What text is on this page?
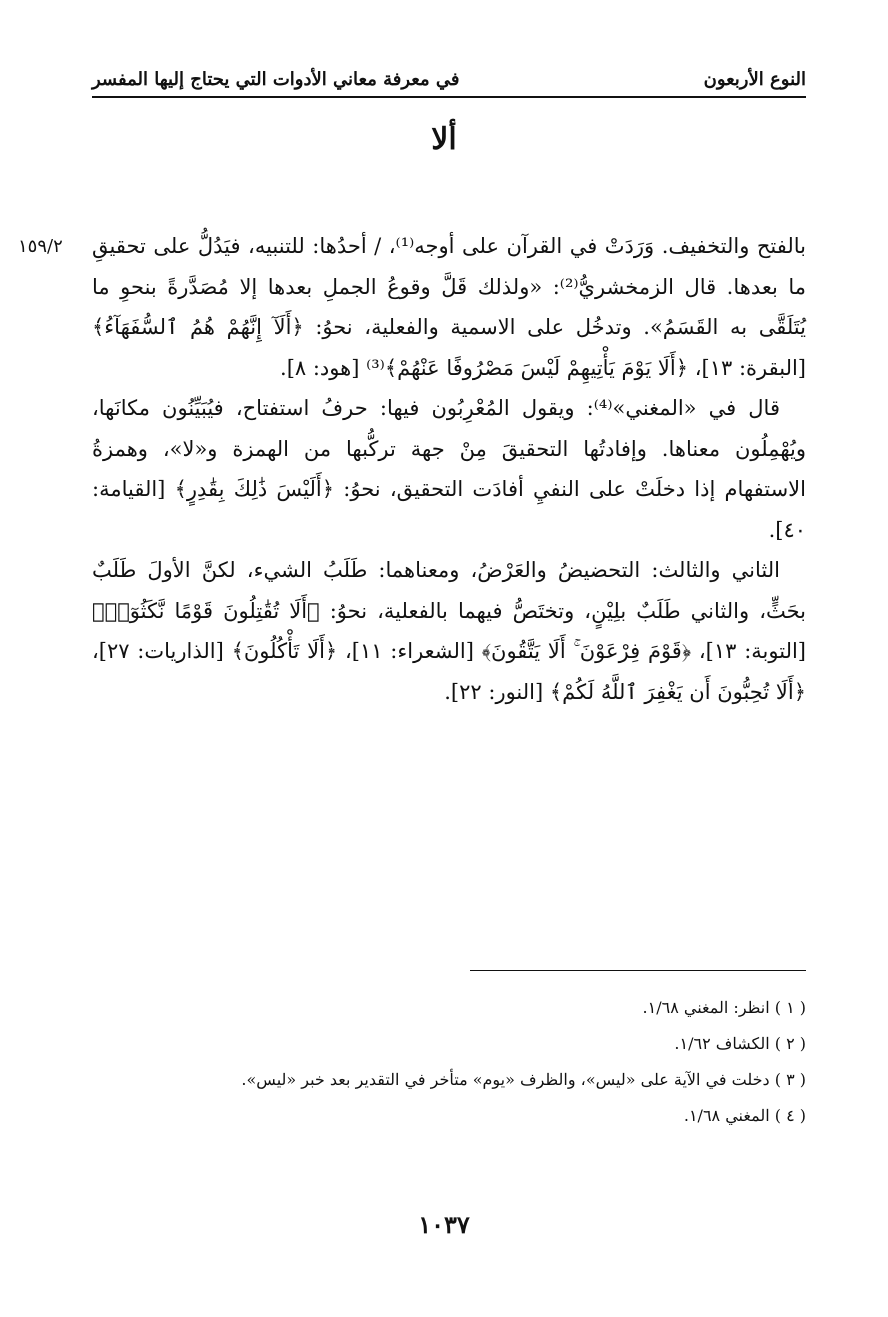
النوع الأربعون
في معرفة معاني الأدوات التي يحتاج إليها المفسر
ألا
١٥٩/٢ بالفتح والتخفيف. وَرَدَتْ في القرآن على أوجه⁽¹⁾، / أحدُها: للتنبيه، فيَدُلُّ على تحقيقِ ما بعدها. قال الزمخشريُّ⁽²⁾: «ولذلك قَلَّ وقوعُ الجملِ بعدها إلا مُصَدَّرةً بنحوِ ما يُتَلَقَّى به القَسَمُ». وتدخُل على الاسمية والفعلية، نحوُ: ﴿أَلَآ إِنَّهُمْ هُمُ ٱلسُّفَهَآءُ﴾ [البقرة: ١٣]، ﴿أَلَا يَوْمَ يَأْتِيهِمْ لَيْسَ مَصْرُوفًا عَنْهُمْ﴾⁽³⁾ [هود: ٨].

قال في «المغني»⁽⁴⁾: ويقول المُعْرِبُون فيها: حرفُ استفتاح، فيُبَيِّنُون مكانَها، ويُهْمِلُون معناها. وإفادتُها التحقيقَ مِنْ جهة تركُّبها من الهمزة و«لا»، وهمزةُ الاستفهام إذا دخلَتْ على النفيِ أفادَت التحقيق، نحوُ: ﴿أَلَيْسَ ذَٰلِكَ بِقَٰدِرٍ﴾ [القيامة: ٤٠].

الثاني والثالث: التحضيضُ والعَرْضُ، ومعناهما: طَلَبُ الشيء، لكنَّ الأولَ طَلَبٌ بحَثٍّ، والثاني طَلَبٌ بلِيْنٍ، وتختَصُّ فيهما بالفعلية، نحوُ: ﴿أَلَا تُقَٰتِلُونَ قَوْمًا نَّكَثُوٓا۟﴾ [التوبة: ١٣]، ﴿قَوْمَ فِرْعَوْنَ ۚ أَلَا يَتَّقُونَ﴾ [الشعراء: ١١]، ﴿أَلَا تَأْكُلُونَ﴾ [الذاريات: ٢٧]، ﴿أَلَا تُحِبُّونَ أَن يَغْفِرَ ٱللَّهُ لَكُمْ﴾ [النور: ٢٢].

( ١ ) انظر: المغني ١/٦٨.
( ٢ ) الكشاف ١/٦٢.
( ٣ ) دخلت في الآية على «ليس»، والظرف «يوم» متأخر في التقدير بعد خبر «ليس».
( ٤ ) المغني ١/٦٨.
١٠٣٧
